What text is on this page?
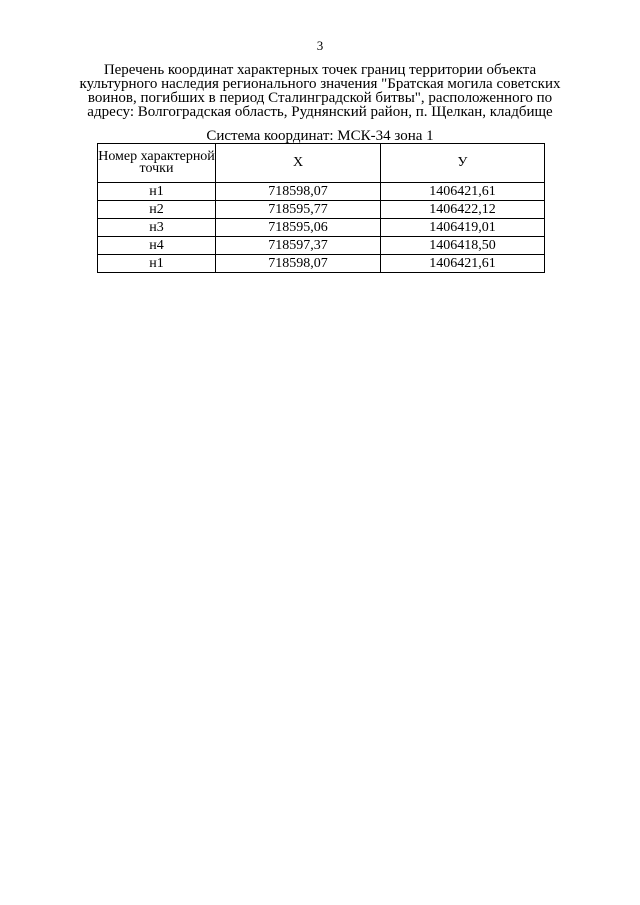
3
Перечень координат характерных точек границ территории объекта
культурного наследия регионального значения "Братская могила советских
воинов, погибших в период Сталинградской битвы", расположенного по
адресу: Волгоградская область, Руднянский район, п. Щелкан, кладбище
Система координат: МСК-34 зона 1
Номер характерной точки	X	У
н1	718598,07	1406421,61
н2	718595,77	1406422,12
н3	718595,06	1406419,01
н4	718597,37	1406418,50
н1	718598,07	1406421,61
